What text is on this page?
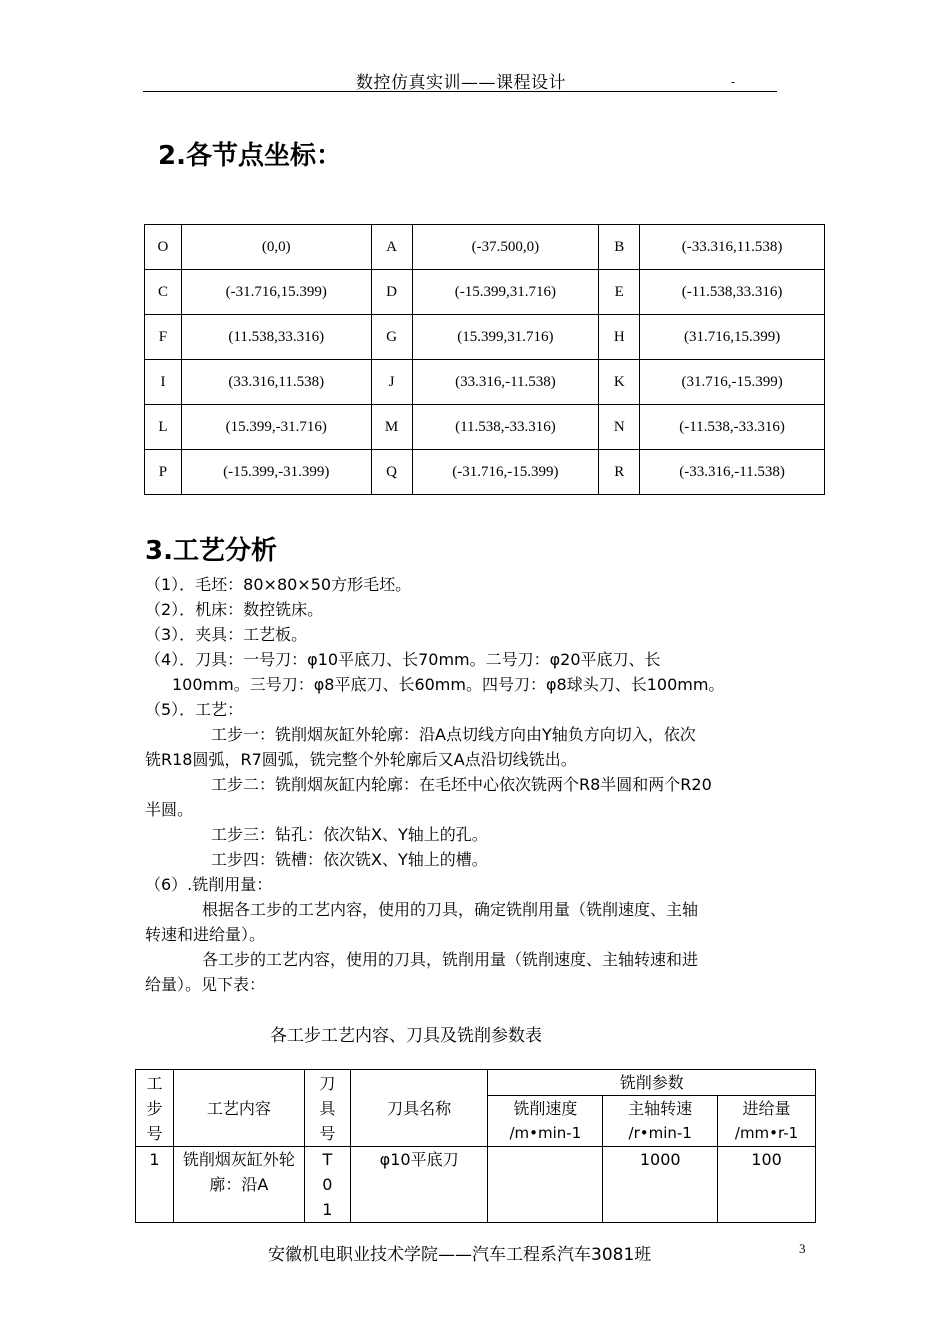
数控仿真实训——课程设计	-
2.各节点坐标：
O	(0,0)	A	(-37.500,0)	B	(-33.316,11.538)
C	(-31.716,15.399)	D	(-15.399,31.716)	E	(-11.538,33.316)
F	(11.538,33.316)	G	(15.399,31.716)	H	(31.716,15.399)
I	(33.316,11.538)	J	(33.316,-11.538)	K	(31.716,-15.399)
L	(15.399,-31.716)	M	(11.538,-33.316)	N	(-11.538,-33.316)
P	(-15.399,-31.399)	Q	(-31.716,-15.399)	R	(-33.316,-11.538)
3.工艺分析
（1）．毛坯：80×80×50方形毛坯。
（2）．机床：数控铣床。
（3）．夹具：工艺板。
（4）．刀具：一号刀：φ10平底刀、长70mm。二号刀：φ20平底刀、长
100mm。三号刀：φ8平底刀、长60mm。四号刀：φ8球头刀、长100mm。
（5）．工艺：
工步一：铣削烟灰缸外轮廓：沿A点切线方向由Y轴负方向切入，依次
铣R18圆弧，R7圆弧，铣完整个外轮廓后又A点沿切线铣出。
工步二：铣削烟灰缸内轮廓：在毛坯中心依次铣两个R8半圆和两个R20
半圆。
工步三：钻孔：依次钻X、Y轴上的孔。
工步四：铣槽：依次铣X、Y轴上的槽。
（6）.铣削用量：
根据各工步的工艺内容，使用的刀具，确定铣削用量（铣削速度、主轴
转速和进给量）。
各工步的工艺内容，使用的刀具，铣削用量（铣削速度、主轴转速和进
给量）。见下表：
各工步工艺内容、刀具及铣削参数表
工步号	工艺内容	刀具号	刀具名称	铣削参数		
				铣削速度	主轴转速	进给量
				/m•min-1	/r•min-1	/mm•r-1
1	铣削烟灰缸外轮廓：沿A	T01	φ10平底刀		1000	100
安徽机电职业技术学院——汽车工程系汽车3081班	3
